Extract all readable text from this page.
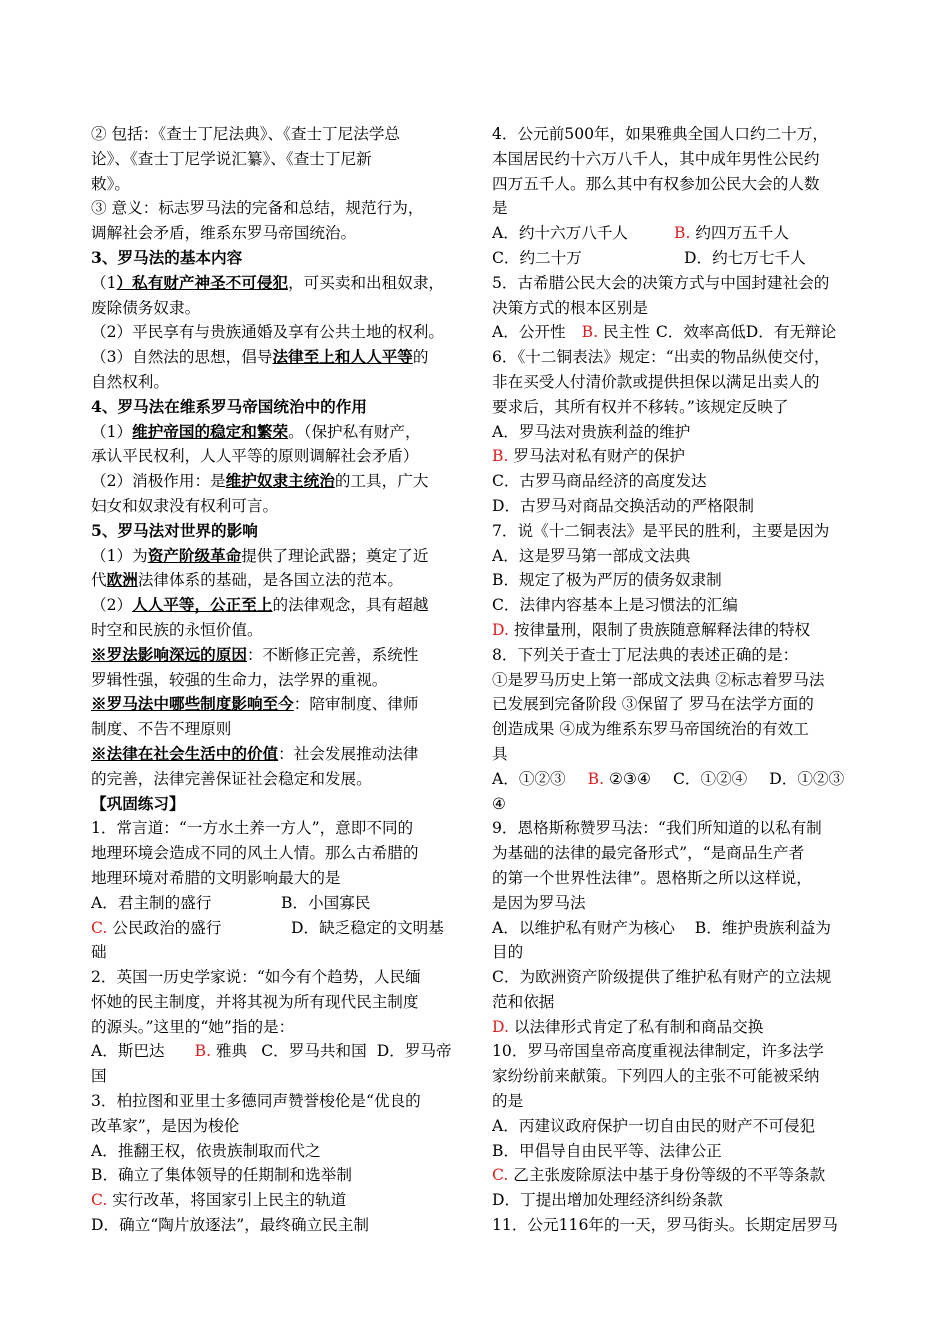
② 包括：《查士丁尼法典》、《查士丁尼法学总
论》、《查士丁尼学说汇纂》、《查士丁尼新
敕》。
③ 意义：标志罗马法的完备和总结，规范行为，
调解社会矛盾，维系东罗马帝国统治。
3、罗马法的基本内容
（1）私有财产神圣不可侵犯，可买卖和出租奴隶，
废除债务奴隶。
（2）平民享有与贵族通婚及享有公共土地的权利。
（3）自然法的思想，倡导法律至上和人人平等的
自然权利。
4、罗马法在维系罗马帝国统治中的作用
（1）维护帝国的稳定和繁荣。（保护私有财产，
承认平民权利，人人平等的原则调解社会矛盾）
（2）消极作用：是维护奴隶主统治的工具，广大
妇女和奴隶没有权利可言。
5、罗马法对世界的影响
（1）为资产阶级革命提供了理论武器；奠定了近
代欧洲法律体系的基础，是各国立法的范本。
（2）人人平等，公正至上的法律观念，具有超越
时空和民族的永恒价值。
※罗法影响深远的原因：不断修正完善，系统性
罗辑性强，较强的生命力，法学界的重视。
※罗马法中哪些制度影响至今：陪审制度、律师
制度、不告不理原则
※法律在社会生活中的价值：社会发展推动法律
的完善，法律完善保证社会稳定和发展。
【巩固练习】
1．常言道：“一方水土养一方人”，意即不同的
地理环境会造成不同的风土人情。那么古希腊的
地理环境对希腊的文明影响最大的是
A．君主制的盛行	B．小国寡民
C. 公民政治的盛行	D．缺乏稳定的文明基
础
2．英国一历史学家说：“如今有个趋势，人民缅
怀她的民主制度，并将其视为所有现代民主制度
的源头。”这里的“她”指的是：
A．斯巴达 B. 雅典 C．罗马共和国 D．罗马帝
国
3．柏拉图和亚里士多德同声赞誉梭伦是“优良的
改革家”，是因为梭伦
A．推翻王权，依贵族制取而代之
B．确立了集体领导的任期制和选举制
C. 实行改革，将国家引上民主的轨道
D．确立“陶片放逐法”，最终确立民主制
4．公元前500年，如果雅典全国人口约二十万，
本国居民约十六万八千人，其中成年男性公民约
四万五千人。那么其中有权参加公民大会的人数
是
A．约十六万八千人	B. 约四万五千人
C．约二十万	D．约七万七千人
5．古希腊公民大会的决策方式与中国封建社会的
决策方式的根本区别是
A．公开性 B. 民主性 C．效率高低D．有无辩论
6．《十二铜表法》规定：“出卖的物品纵使交付，
非在买受人付清价款或提供担保以满足出卖人的
要求后，其所有权并不移转。”该规定反映了
A．罗马法对贵族利益的维护
B. 罗马法对私有财产的保护
C．古罗马商品经济的高度发达
D．古罗马对商品交换活动的严格限制
7．说《十二铜表法》是平民的胜利，主要是因为
A．这是罗马第一部成文法典
B．规定了极为严厉的债务奴隶制
C．法律内容基本上是习惯法的汇编
D. 按律量刑，限制了贵族随意解释法律的特权
8．下列关于查士丁尼法典的表述正确的是：
①是罗马历史上第一部成文法典 ②标志着罗马法
已发展到完备阶段 ③保留了 罗马在法学方面的
创造成果 ④成为维系东罗马帝国统治的有效工
具
A．①②③ B. ②③④ C．①②④ D．①②③
④
9．恩格斯称赞罗马法：“我们所知道的以私有制
为基础的法律的最完备形式”，“是商品生产者
的第一个世界性法律”。恩格斯之所以这样说，
是因为罗马法
A．以维护私有财产为核心 B．维护贵族利益为
目的
C．为欧洲资产阶级提供了维护私有财产的立法规
范和依据
D. 以法律形式肯定了私有制和商品交换
10．罗马帝国皇帝高度重视法律制定，许多法学
家纷纷前来献策。下列四人的主张不可能被采纳
的是
A．丙建议政府保护一切自由民的财产不可侵犯
B．甲倡导自由民平等、法律公正
C. 乙主张废除原法中基于身份等级的不平等条款
D．丁提出增加处理经济纠纷条款
11．公元116年的一天，罗马街头。长期定居罗马
